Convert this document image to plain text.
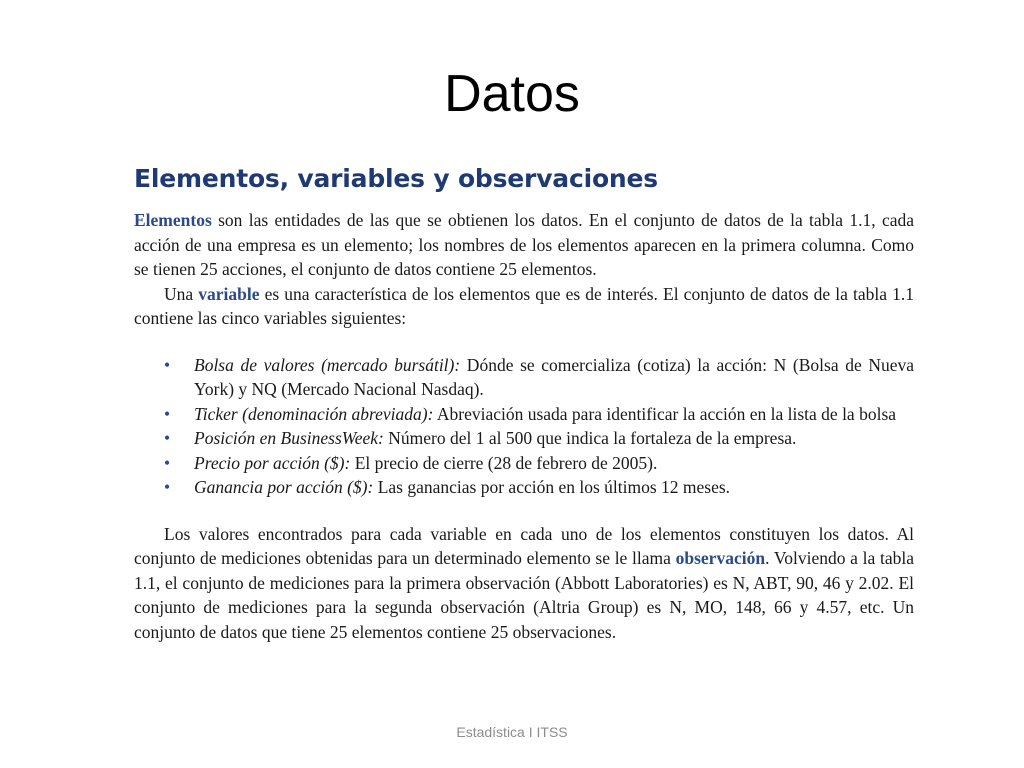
Datos
Elementos, variables y observaciones

Elementos son las entidades de las que se obtienen los datos. En el conjunto de datos de la tabla 1.1, cada acción de una empresa es un elemento; los nombres de los elementos aparecen en la primera columna. Como se tienen 25 acciones, el conjunto de datos contiene 25 elementos.

Una variable es una característica de los elementos que es de interés. El conjunto de datos de la tabla 1.1 contiene las cinco variables siguientes:

• Bolsa de valores (mercado bursátil): Dónde se comercializa (cotiza) la acción: N (Bolsa de Nueva York) y NQ (Mercado Nacional Nasdaq).
• Ticker (denominación abreviada): Abreviación usada para identificar la acción en la lista de la bolsa
• Posición en BusinessWeek: Número del 1 al 500 que indica la fortaleza de la empresa.
• Precio por acción ($): El precio de cierre (28 de febrero de 2005).
• Ganancia por acción ($): Las ganancias por acción en los últimos 12 meses.

Los valores encontrados para cada variable en cada uno de los elementos constituyen los datos. Al conjunto de mediciones obtenidas para un determinado elemento se le llama observación. Volviendo a la tabla 1.1, el conjunto de mediciones para la primera observación (Abbott Laboratories) es N, ABT, 90, 46 y 2.02. El conjunto de mediciones para la segunda observación (Altria Group) es N, MO, 148, 66 y 4.57, etc. Un conjunto de datos que tiene 25 elementos contiene 25 observaciones.

Estadística I ITSS
